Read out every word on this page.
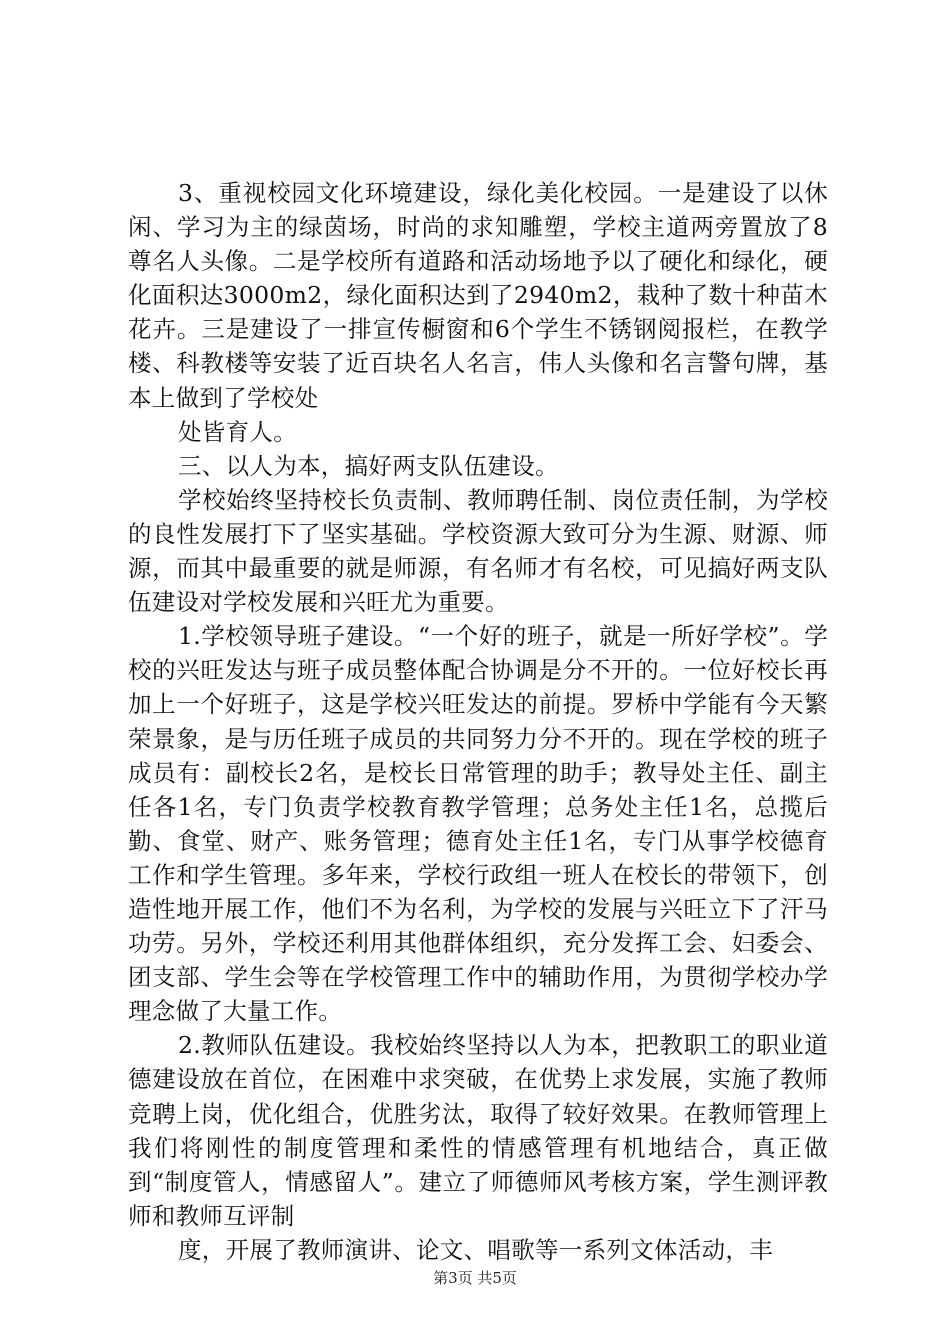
3、重视校园文化环境建设，绿化美化校园。一是建设了以休闲、学习为主的绿茵场，时尚的求知雕塑，学校主道两旁置放了8尊名人头像。二是学校所有道路和活动场地予以了硬化和绿化，硬化面积达3000m2，绿化面积达到了2940m2，栽种了数十种苗木花卉。三是建设了一排宣传橱窗和6个学生不锈钢阅报栏，在教学楼、科教楼等安装了近百块名人名言，伟人头像和名言警句牌，基本上做到了学校处

处皆育人。

三、以人为本，搞好两支队伍建设。

学校始终坚持校长负责制、教师聘任制、岗位责任制，为学校的良性发展打下了坚实基础。学校资源大致可分为生源、财源、师源，而其中最重要的就是师源，有名师才有名校，可见搞好两支队伍建设对学校发展和兴旺尤为重要。

1.学校领导班子建设。“一个好的班子，就是一所好学校”。学校的兴旺发达与班子成员整体配合协调是分不开的。一位好校长再加上一个好班子，这是学校兴旺发达的前提。罗桥中学能有今天繁荣景象，是与历任班子成员的共同努力分不开的。现在学校的班子成员有：副校长2名，是校长日常管理的助手；教导处主任、副主任各1名，专门负责学校教育教学管理；总务处主任1名，总揽后勤、食堂、财产、账务管理；德育处主任1名，专门从事学校德育工作和学生管理。多年来，学校行政组一班人在校长的带领下，创造性地开展工作，他们不为名利，为学校的发展与兴旺立下了汗马功劳。另外，学校还利用其他群体组织，充分发挥工会、妇委会、团支部、学生会等在学校管理工作中的辅助作用，为贯彻学校办学理念做了大量工作。

2.教师队伍建设。我校始终坚持以人为本，把教职工的职业道德建设放在首位，在困难中求突破，在优势上求发展，实施了教师竞聘上岗，优化组合，优胜劣汰，取得了较好效果。在教师管理上我们将刚性的制度管理和柔性的情感管理有机地结合，真正做到“制度管人，情感留人”。建立了师德师风考核方案，学生测评教师和教师互评制

度，开展了教师演讲、论文、唱歌等一系列文体活动，丰

第3页 共5页
